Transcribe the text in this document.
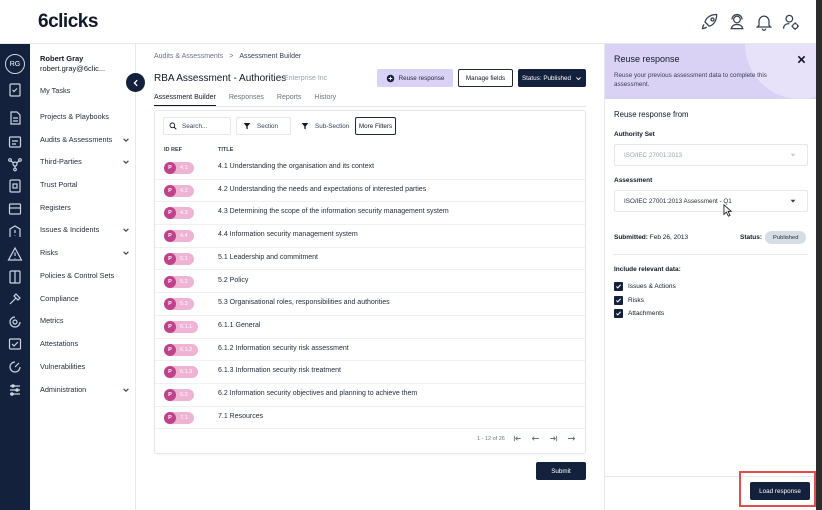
6clicks
RG
Robert Gray
robert.gray@6clic...
My Tasks
Projects & Playbooks
Audits & Assessments
Third-Parties
Trust Portal
Registers
Issues & Incidents
Risks
Policies & Control Sets
Compliance
Metrics
Attestations
Vulnerabilities
Administration
Audits & Assessments > Assessment Builder
RBA Assessment - Authorities
Enterprise Inc	Reuse response	Manage fields	Status: Published
Assessment Builder Responses Reports History
Search...	Section	Sub-Section	More Filters
ID REF	TITLE
P	4.1	4.1 Understanding the organisation and its context
P	4.2	4.2 Understanding the needs and expectations of interested parties
P	4.3	4.3 Determining the scope of the information security management system
P	4.4	4.4 Information security management system
P	5.1	5.1 Leadership and commitment
P	5.2	5.2 Policy
P	5.3	5.3 Organisational roles, responsibilities and authorities
P	6.1.1	6.1.1 General
P	6.1.2	6.1.2 Information security risk assessment
P	6.1.3	6.1.3 Information security risk treatment
P	6.2	6.2 Information security objectives and planning to achieve them
P	7.1	7.1 Resources
1 - 12 of 26
Submit
Reuse response
Reuse your previous assessment data to complete this assessment.
Reuse response from
Authority Set
ISO/IEC 27001:2013
Assessment
ISO/IEC 27001:2013 Assessment - Q1
Submitted: Feb 26, 2013	Status:	Published
Include relevant data:
Issues & Actions
Risks
Attachments
Load response
